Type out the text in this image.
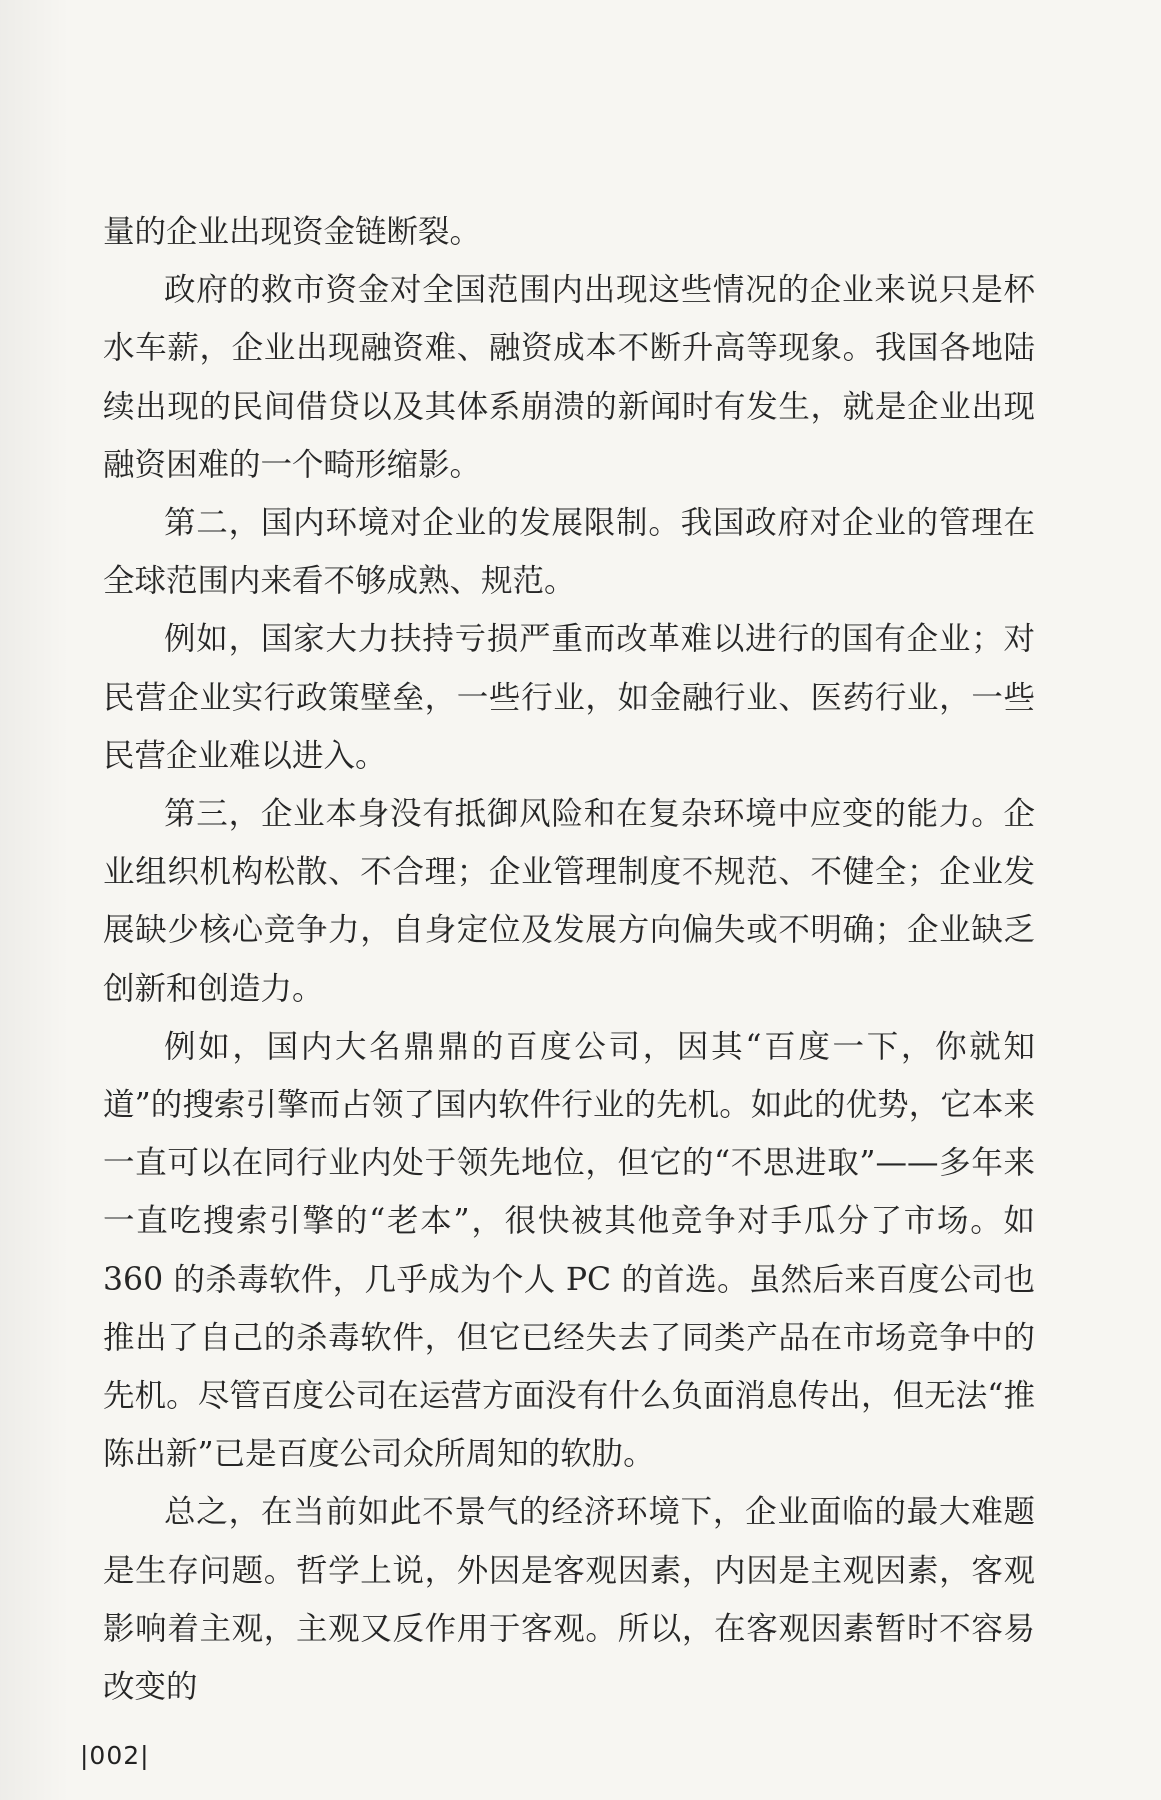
量的企业出现资金链断裂。

政府的救市资金对全国范围内出现这些情况的企业来说只是杯水车薪，企业出现融资难、融资成本不断升高等现象。我国各地陆续出现的民间借贷以及其体系崩溃的新闻时有发生，就是企业出现融资困难的一个畸形缩影。

第二，国内环境对企业的发展限制。我国政府对企业的管理在全球范围内来看不够成熟、规范。

例如，国家大力扶持亏损严重而改革难以进行的国有企业；对民营企业实行政策壁垒，一些行业，如金融行业、医药行业，一些民营企业难以进入。

第三，企业本身没有抵御风险和在复杂环境中应变的能力。企业组织机构松散、不合理；企业管理制度不规范、不健全；企业发展缺少核心竞争力，自身定位及发展方向偏失或不明确；企业缺乏创新和创造力。

例如，国内大名鼎鼎的百度公司，因其“百度一下，你就知道”的搜索引擎而占领了国内软件行业的先机。如此的优势，它本来一直可以在同行业内处于领先地位，但它的“不思进取”——多年来一直吃搜索引擎的“老本”，很快被其他竞争对手瓜分了市场。如 360 的杀毒软件，几乎成为个人 PC 的首选。虽然后来百度公司也推出了自己的杀毒软件，但它已经失去了同类产品在市场竞争中的先机。尽管百度公司在运营方面没有什么负面消息传出，但无法“推陈出新”已是百度公司众所周知的软肋。

总之，在当前如此不景气的经济环境下，企业面临的最大难题是生存问题。哲学上说，外因是客观因素，内因是主观因素，客观影响着主观，主观又反作用于客观。所以，在客观因素暂时不容易改变的

|002|
